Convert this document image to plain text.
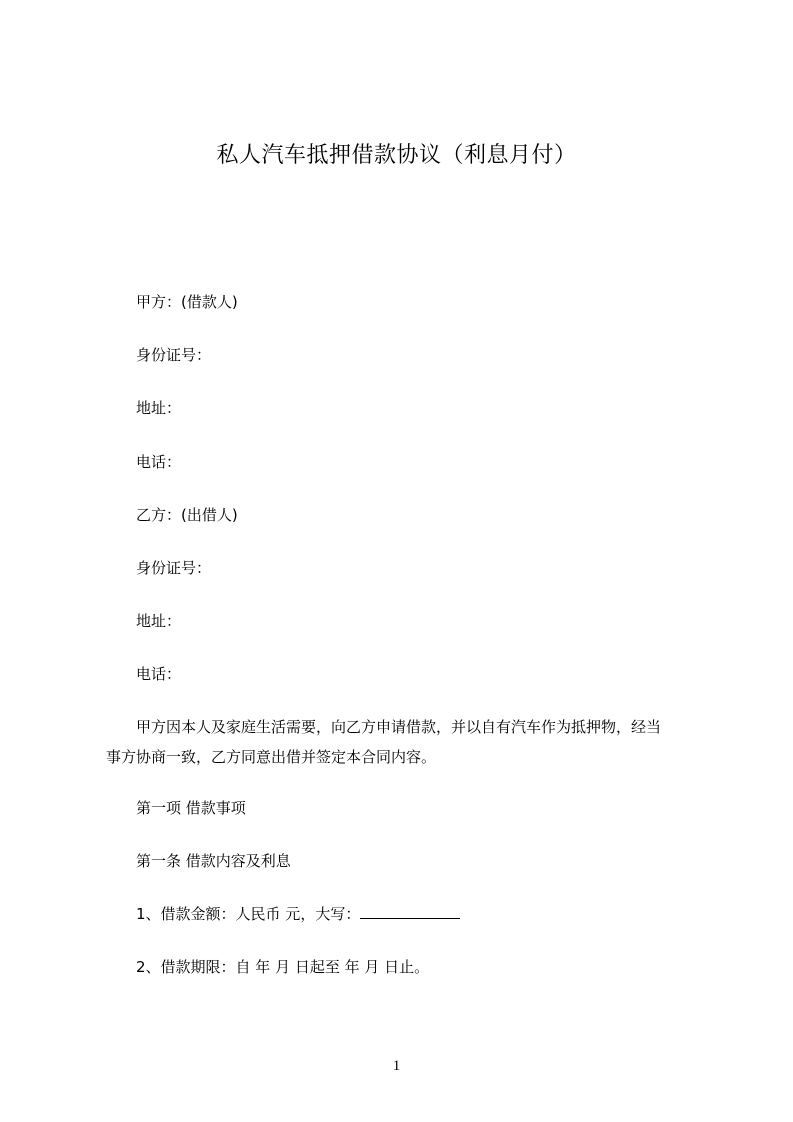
私人汽车抵押借款协议（利息月付）

甲方：(借款人)

身份证号：

地址：

电话：

乙方：(出借人)

身份证号：

地址：

电话：

甲方因本人及家庭生活需要，向乙方申请借款，并以自有汽车作为抵押物，经当
事方协商一致，乙方同意出借并签定本合同内容。

第一项 借款事项

第一条 借款内容及利息

1、借款金额：人民币 元，大写：

2、借款期限：自 年 月 日起至 年 月 日止。

1
